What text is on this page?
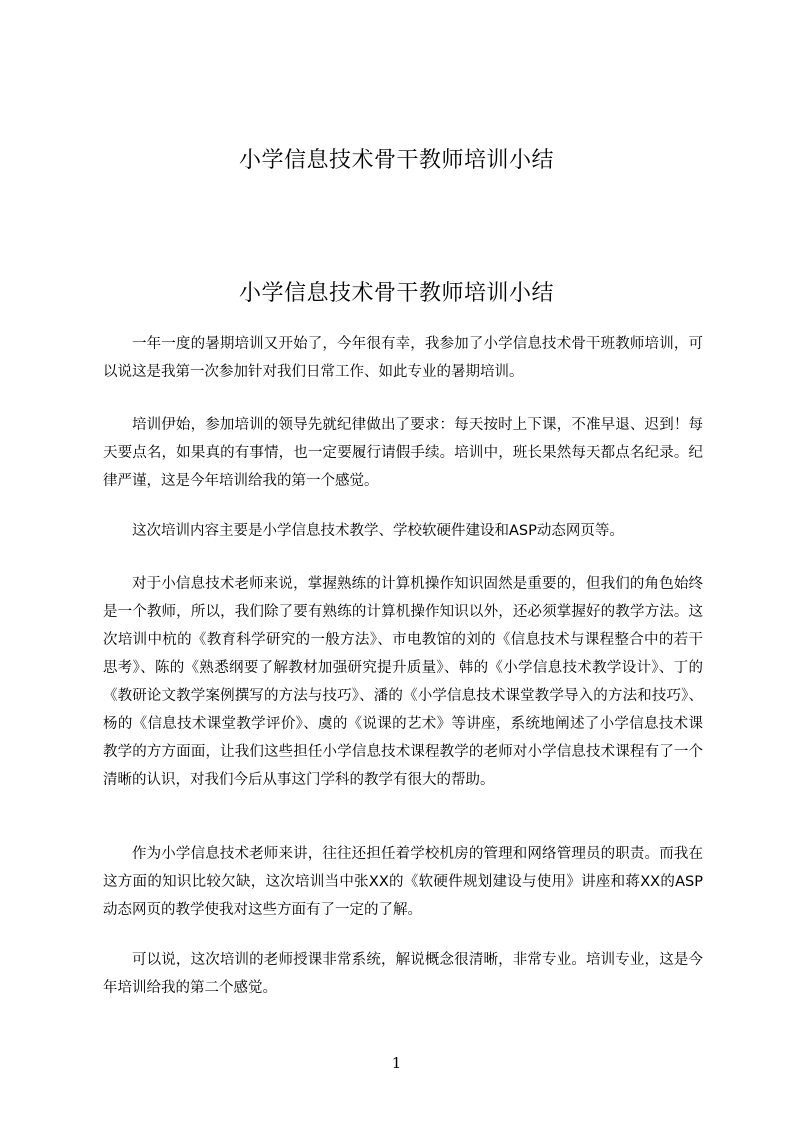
小学信息技术骨干教师培训小结
小学信息技术骨干教师培训小结

一年一度的暑期培训又开始了，今年很有幸，我参加了小学信息技术骨干班教师培训，可以说这是我第一次参加针对我们日常工作、如此专业的暑期培训。

培训伊始，参加培训的领导先就纪律做出了要求：每天按时上下课，不准早退、迟到！每天要点名，如果真的有事情，也一定要履行请假手续。培训中，班长果然每天都点名纪录。纪律严谨，这是今年培训给我的第一个感觉。

这次培训内容主要是小学信息技术教学、学校软硬件建设和ASP动态网页等。

对于小信息技术老师来说，掌握熟练的计算机操作知识固然是重要的，但我们的角色始终是一个教师，所以，我们除了要有熟练的计算机操作知识以外，还必须掌握好的教学方法。这次培训中杭的《教育科学研究的一般方法》、市电教馆的刘的《信息技术与课程整合中的若干思考》、陈的《熟悉纲要了解教材加强研究提升质量》、韩的《小学信息技术教学设计》、丁的《教研论文教学案例撰写的方法与技巧》、潘的《小学信息技术课堂教学导入的方法和技巧》、杨的《信息技术课堂教学评价》、虞的《说课的艺术》等讲座，系统地阐述了小学信息技术课教学的方方面面，让我们这些担任小学信息技术课程教学的老师对小学信息技术课程有了一个清晰的认识，对我们今后从事这门学科的教学有很大的帮助。

作为小学信息技术老师来讲，往往还担任着学校机房的管理和网络管理员的职责。而我在这方面的知识比较欠缺，这次培训当中张XX的《软硬件规划建设与使用》讲座和蒋XX的ASP动态网页的教学使我对这些方面有了一定的了解。

可以说，这次培训的老师授课非常系统，解说概念很清晰，非常专业。培训专业，这是今年培训给我的第二个感觉。

1
